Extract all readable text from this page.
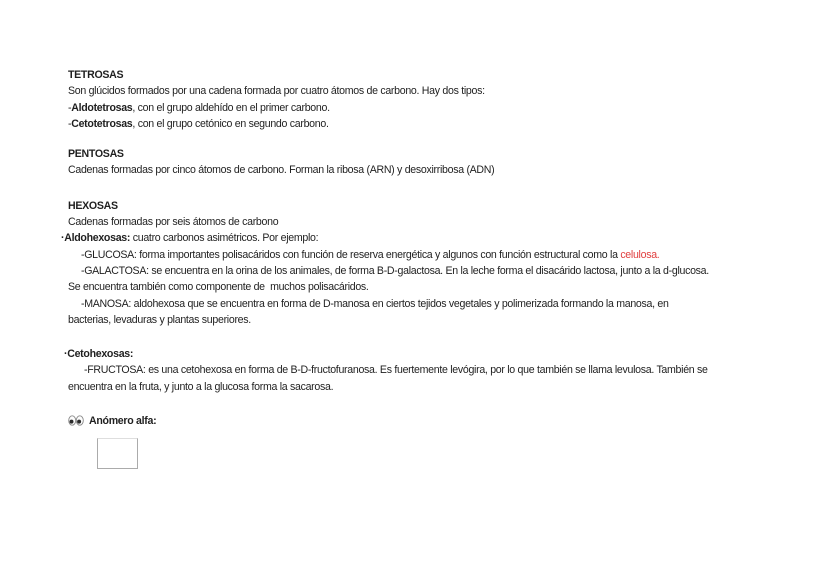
TETROSAS
Son glúcidos formados por una cadena formada por cuatro átomos de carbono. Hay dos tipos:
-Aldotetrosas, con el grupo aldehído en el primer carbono.
-Cetotetrosas, con el grupo cetónico en segundo carbono.
PENTOSAS
Cadenas formadas por cinco átomos de carbono. Forman la ribosa (ARN) y desoxirribosa (ADN)
HEXOSAS
Cadenas formadas por seis átomos de carbono
·Aldohexosas: cuatro carbonos asimétricos. Por ejemplo:
-GLUCOSA: forma importantes polisacáridos con función de reserva energética y algunos con función estructural como la celulosa.
-GALACTOSA: se encuentra en la orina de los animales, de forma B-D-galactosa. En la leche forma el disacárido lactosa, junto a la d-glucosa.
Se encuentra también como componente de  muchos polisacáridos.
-MANOSA: aldohexosa que se encuentra en forma de D-manosa en ciertos tejidos vegetales y polimerizada formando la manosa, en
bacterias, levaduras y plantas superiores.
·Cetohexosas:
-FRUCTOSA: es una cetohexosa en forma de B-D-fructofuranosa. Es fuertemente levógira, por lo que también se llama levulosa. También se
encuentra en la fruta, y junto a la glucosa forma la sacarosa.
Anómero alfa:
